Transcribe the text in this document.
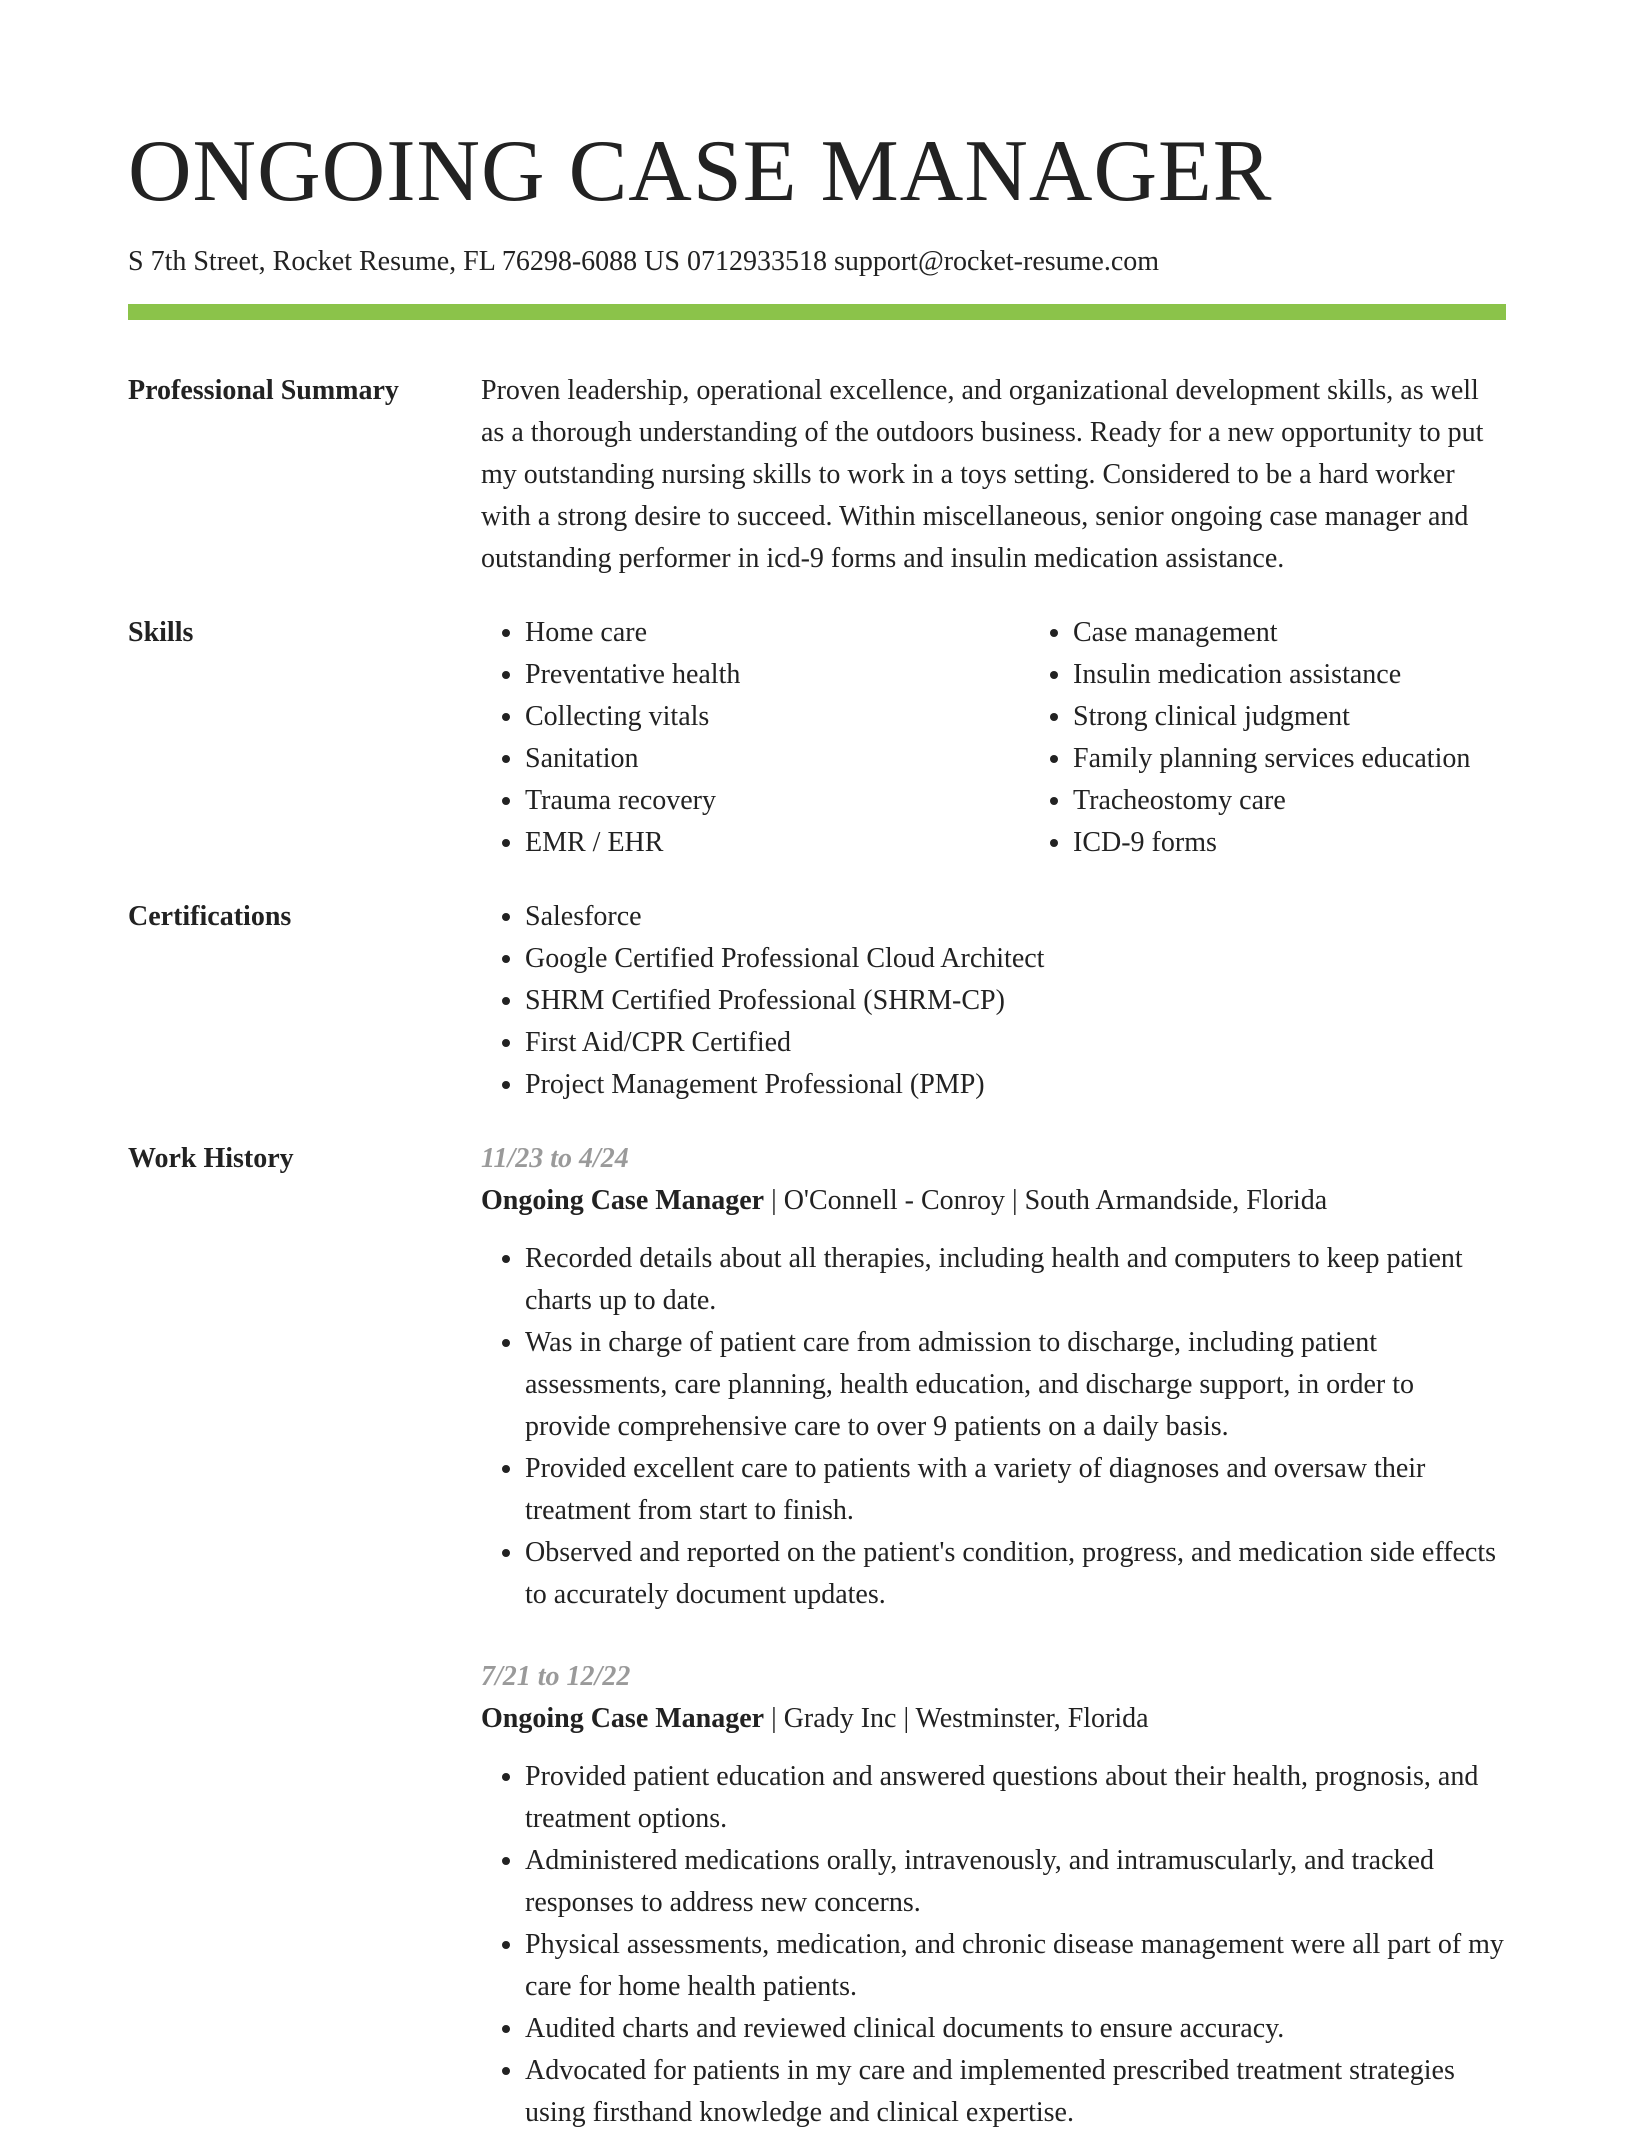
ONGOING CASE MANAGER
S 7th Street, Rocket Resume, FL 76298-6088 US 0712933518 support@rocket-resume.com
Professional Summary	Proven leadership, operational excellence, and organizational development skills, as well as a thorough understanding of the outdoors business. Ready for a new opportunity to put my outstanding nursing skills to work in a toys setting. Considered to be a hard worker with a strong desire to succeed. Within miscellaneous, senior ongoing case manager and outstanding performer in icd-9 forms and insulin medication assistance.
Skills	• Home care
• Preventative health
• Collecting vitals
• Sanitation
• Trauma recovery
• EMR / EHR
• Case management
• Insulin medication assistance
• Strong clinical judgment
• Family planning services education
• Tracheostomy care
• ICD-9 forms
Certifications	• Salesforce
• Google Certified Professional Cloud Architect
• SHRM Certified Professional (SHRM-CP)
• First Aid/CPR Certified
• Project Management Professional (PMP)
Work History	11/23 to 4/24
Ongoing Case Manager | O'Connell - Conroy | South Armandside, Florida
• Recorded details about all therapies, including health and computers to keep patient charts up to date.
• Was in charge of patient care from admission to discharge, including patient assessments, care planning, health education, and discharge support, in order to provide comprehensive care to over 9 patients on a daily basis.
• Provided excellent care to patients with a variety of diagnoses and oversaw their treatment from start to finish.
• Observed and reported on the patient's condition, progress, and medication side effects to accurately document updates.
7/21 to 12/22
Ongoing Case Manager | Grady Inc | Westminster, Florida
• Provided patient education and answered questions about their health, prognosis, and treatment options.
• Administered medications orally, intravenously, and intramuscularly, and tracked responses to address new concerns.
• Physical assessments, medication, and chronic disease management were all part of my care for home health patients.
• Audited charts and reviewed clinical documents to ensure accuracy.
• Advocated for patients in my care and implemented prescribed treatment strategies using firsthand knowledge and clinical expertise.
